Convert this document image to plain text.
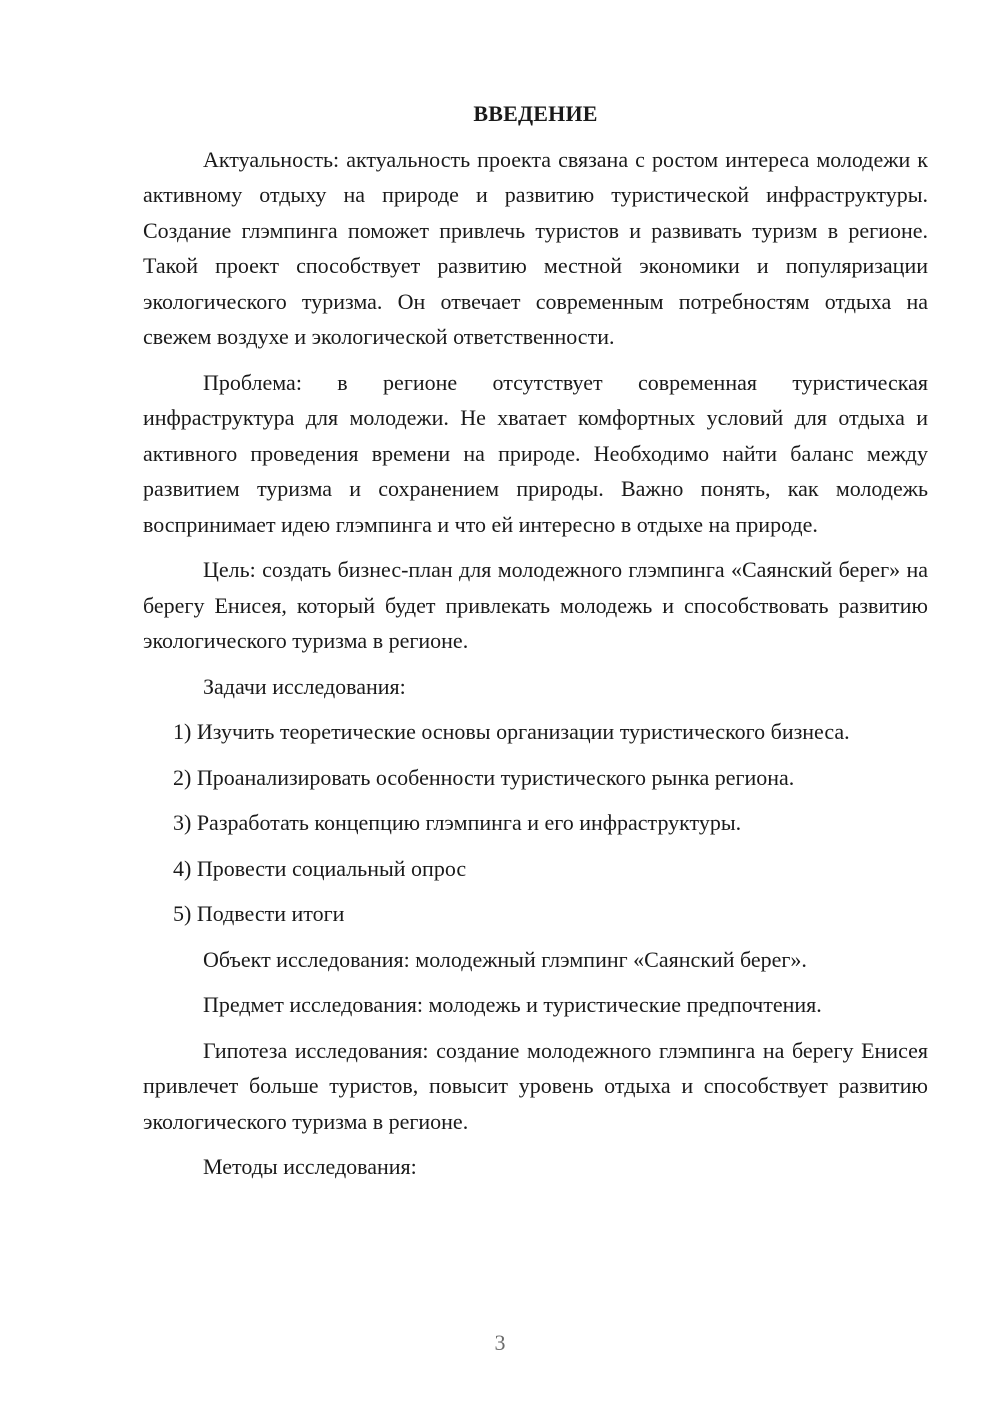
ВВЕДЕНИЕ

Актуальность: актуальность проекта связана с ростом интереса молодежи к активному отдыху на природе и развитию туристической инфраструктуры. Создание глэмпинга поможет привлечь туристов и развивать туризм в регионе. Такой проект способствует развитию местной экономики и популяризации экологического туризма. Он отвечает современным потребностям отдыха на свежем воздухе и экологической ответственности.

Проблема: в регионе отсутствует современная туристическая инфраструктура для молодежи. Не хватает комфортных условий для отдыха и активного проведения времени на природе. Необходимо найти баланс между развитием туризма и сохранением природы. Важно понять, как молодежь воспринимает идею глэмпинга и что ей интересно в отдыхе на природе.

Цель: создать бизнес-план для молодежного глэмпинга «Саянский берег» на берегу Енисея, который будет привлекать молодежь и способствовать развитию экологического туризма в регионе.

Задачи исследования:

1) Изучить теоретические основы организации туристического бизнеса.

2) Проанализировать особенности туристического рынка региона.

3) Разработать концепцию глэмпинга и его инфраструктуры.

4) Провести социальный опрос

5) Подвести итоги

Объект исследования: молодежный глэмпинг «Саянский берег».

Предмет исследования: молодежь и туристические предпочтения.

Гипотеза исследования: создание молодежного глэмпинга на берегу Енисея привлечет больше туристов, повысит уровень отдыха и способствует развитию экологического туризма в регионе.

Методы исследования:

3
